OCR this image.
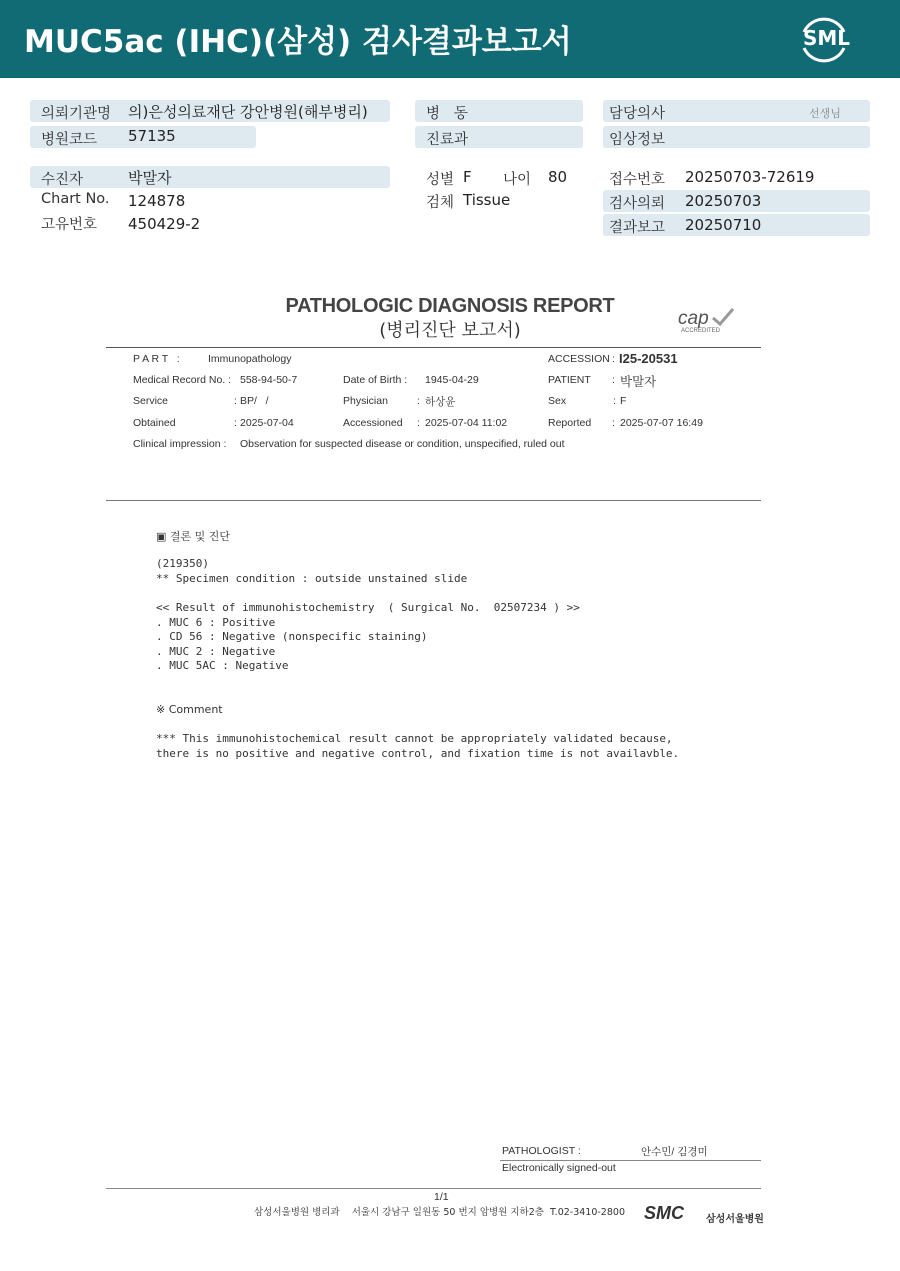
MUC5ac (IHC)(삼성) 검사결과보고서	SML
의뢰기관명 의)은성의료재단 강안병원(해부병리)	병   동	담당의사	선생님
병원코드 57135	진료과	임상정보
수진자	박말자	성별 F 나이 80	접수번호 20250703-72619
Chart No. 124878	검체 Tissue	검사의뢰 20250703
고유번호 450429-2	결과보고 20250710
PATHOLOGIC DIAGNOSIS REPORT
(병리진단 보고서)
cap
ACCREDITED
P A R T   :	Immunopathology	ACCESSION : I25-20531
Medical Record No. : 558-94-50-7	Date of Birth : 1945-04-29	PATIENT : 박말자
Service	: BP/   /	Physician	: 하상윤	Sex	: F
Obtained	: 2025-07-04	Accessioned : 2025-07-04 11:02	Reported : 2025-07-07 16:49
Clinical impression : Observation for suspected disease or condition, unspecified, ruled out
▣ 결론 및 진단
(219350)
** Specimen condition : outside unstained slide
<< Result of immunohistochemistry  ( Surgical No.  02507234 ) >>
. MUC 6 : Positive
. CD 56 : Negative (nonspecific staining)
. MUC 2 : Negative
. MUC 5AC : Negative
※ Comment
*** This immunohistochemical result cannot be appropriately validated because,
there is no positive and negative control, and fixation time is not availavble.
PATHOLOGIST :	안수민/ 김경미
Electronically signed-out
1/1
삼성서울병원 병리과    서울시 강남구 일원동 50 번지 암병원 지하2층  T.02-3410-2800 SMC 삼성서울병원
